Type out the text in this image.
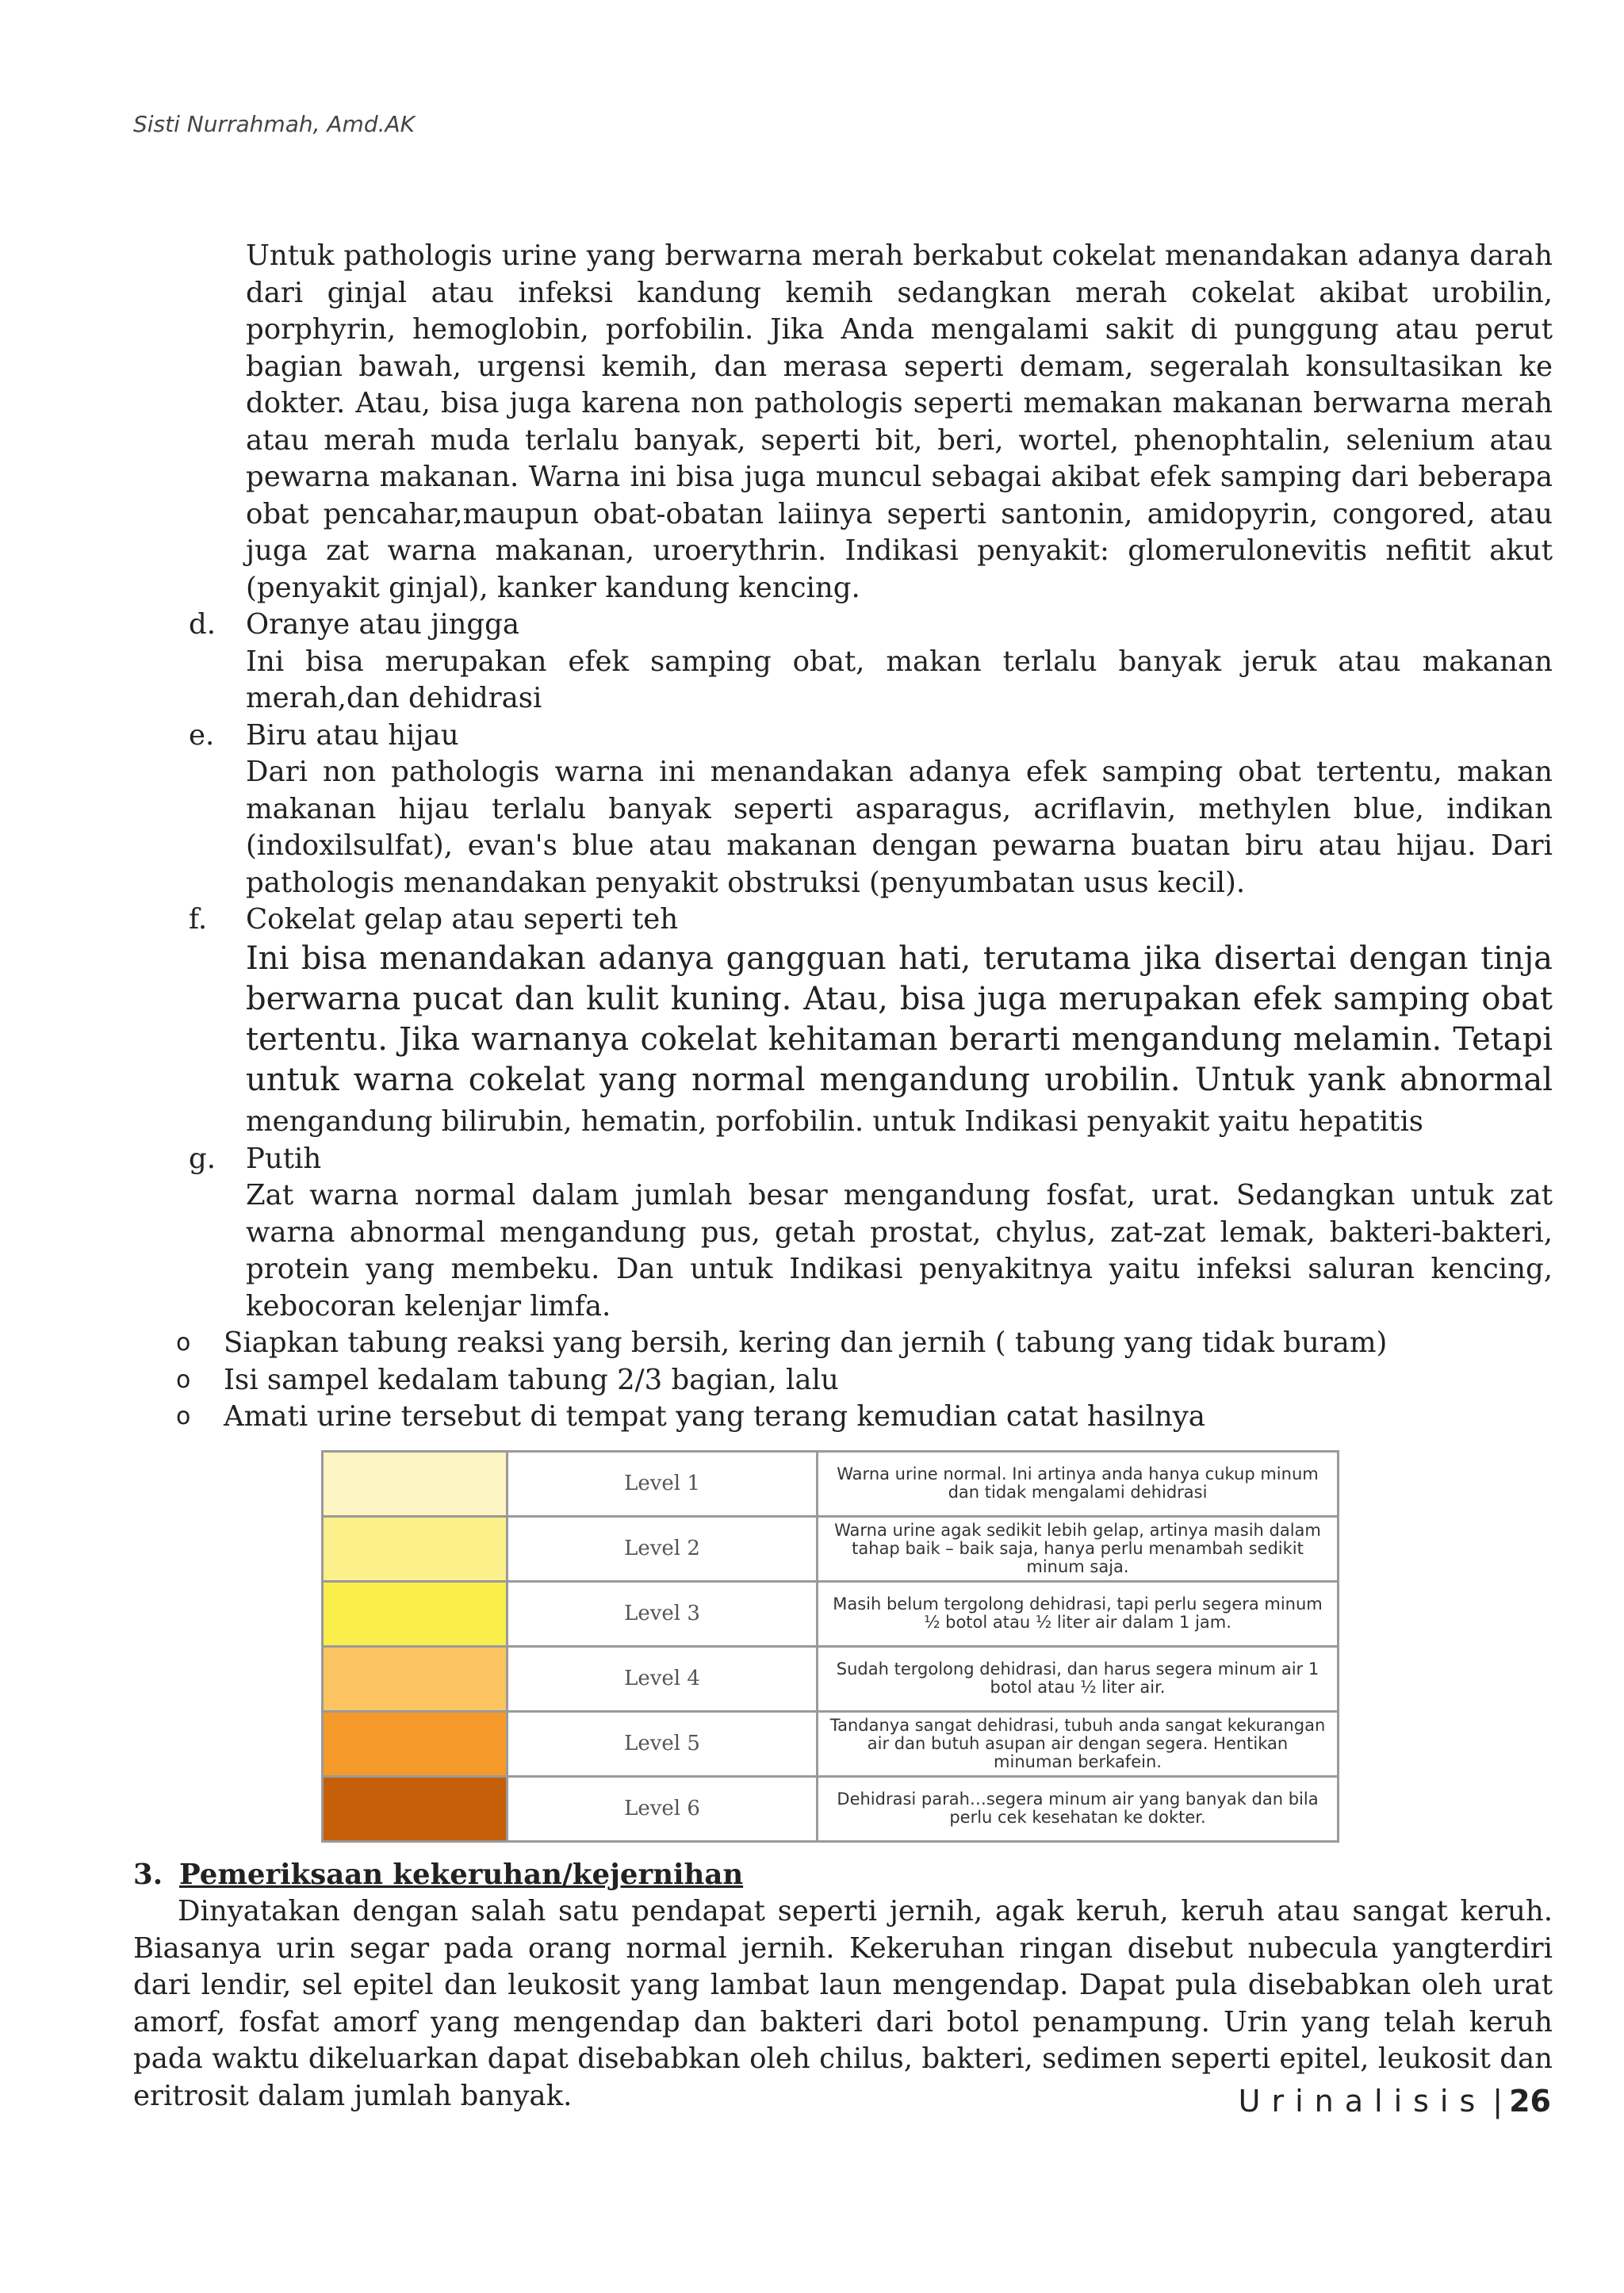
Sisti Nurrahmah, Amd.AK

Untuk pathologis urine yang berwarna merah berkabut cokelat menandakan adanya darah dari ginjal atau infeksi kandung kemih sedangkan merah cokelat akibat urobilin, porphyrin, hemoglobin, porfobilin. Jika Anda mengalami sakit di punggung atau perut bagian bawah, urgensi kemih, dan merasa seperti demam, segeralah konsultasikan ke dokter. Atau, bisa juga karena non pathologis seperti memakan makanan berwarna merah atau merah muda terlalu banyak, seperti bit, beri, wortel, phenophtalin, selenium atau pewarna makanan. Warna ini bisa juga muncul sebagai akibat efek samping dari beberapa obat pencahar,maupun obat-obatan laiinya seperti santonin, amidopyrin, congored, atau juga zat warna makanan, uroerythrin. Indikasi penyakit: glomerulonevitis nefitit akut (penyakit ginjal), kanker kandung kencing.

d. Oranye atau jingga

Ini bisa merupakan efek samping obat, makan terlalu banyak jeruk atau makanan merah,dan dehidrasi

e. Biru atau hijau

Dari non pathologis warna ini menandakan adanya efek samping obat tertentu, makan makanan hijau terlalu banyak seperti asparagus, acriflavin, methylen blue, indikan (indoxilsulfat), evan's blue atau makanan dengan pewarna buatan biru atau hijau. Dari pathologis menandakan penyakit obstruksi (penyumbatan usus kecil).

f. Cokelat gelap atau seperti teh

Ini bisa menandakan adanya gangguan hati, terutama jika disertai dengan tinja berwarna pucat dan kulit kuning. Atau, bisa juga merupakan efek samping obat tertentu. Jika warnanya cokelat kehitaman berarti mengandung melamin. Tetapi untuk warna cokelat yang normal mengandung urobilin. Untuk yank abnormal mengandung bilirubin, hematin, porfobilin. untuk Indikasi penyakit yaitu hepatitis

g. Putih

Zat warna normal dalam jumlah besar mengandung fosfat, urat. Sedangkan untuk zat warna abnormal mengandung pus, getah prostat, chylus, zat-zat lemak, bakteri-bakteri, protein yang membeku. Dan untuk Indikasi penyakitnya yaitu infeksi saluran kencing, kebocoran kelenjar limfa.

o Siapkan tabung reaksi yang bersih, kering dan jernih ( tabung yang tidak buram)
o Isi sampel kedalam tabung 2/3 bagian, lalu
o Amati urine tersebut di tempat yang terang kemudian catat hasilnya
	Level 1	Warna urine normal. Ini artinya anda hanya cukup minum dan tidak mengalami dehidrasi
	Level 2	Warna urine agak sedikit lebih gelap, artinya masih dalam tahap baik – baik saja, hanya perlu menambah sedikit minum saja.
	Level 3	Masih belum tergolong dehidrasi, tapi perlu segera minum ½ botol atau ½ liter air dalam 1 jam.
	Level 4	Sudah tergolong dehidrasi, dan harus segera minum air 1 botol atau ½ liter air.
	Level 5	Tandanya sangat dehidrasi, tubuh anda sangat kekurangan air dan butuh asupan air dengan segera. Hentikan minuman berkafein.
	Level 6	Dehidrasi parah…segera minum air yang banyak dan bila perlu cek kesehatan ke dokter.

3. Pemeriksaan kekeruhan/kejernihan

Dinyatakan dengan salah satu pendapat seperti jernih, agak keruh, keruh atau sangat keruh. Biasanya urin segar pada orang normal jernih. Kekeruhan ringan disebut nubecula yangterdiri dari lendir, sel epitel dan leukosit yang lambat laun mengendap. Dapat pula disebabkan oleh urat amorf, fosfat amorf yang mengendap dan bakteri dari botol penampung. Urin yang telah keruh pada waktu dikeluarkan dapat disebabkan oleh chilus, bakteri, sedimen seperti epitel, leukosit dan eritrosit dalam jumlah banyak.	Urinalisis | 26
